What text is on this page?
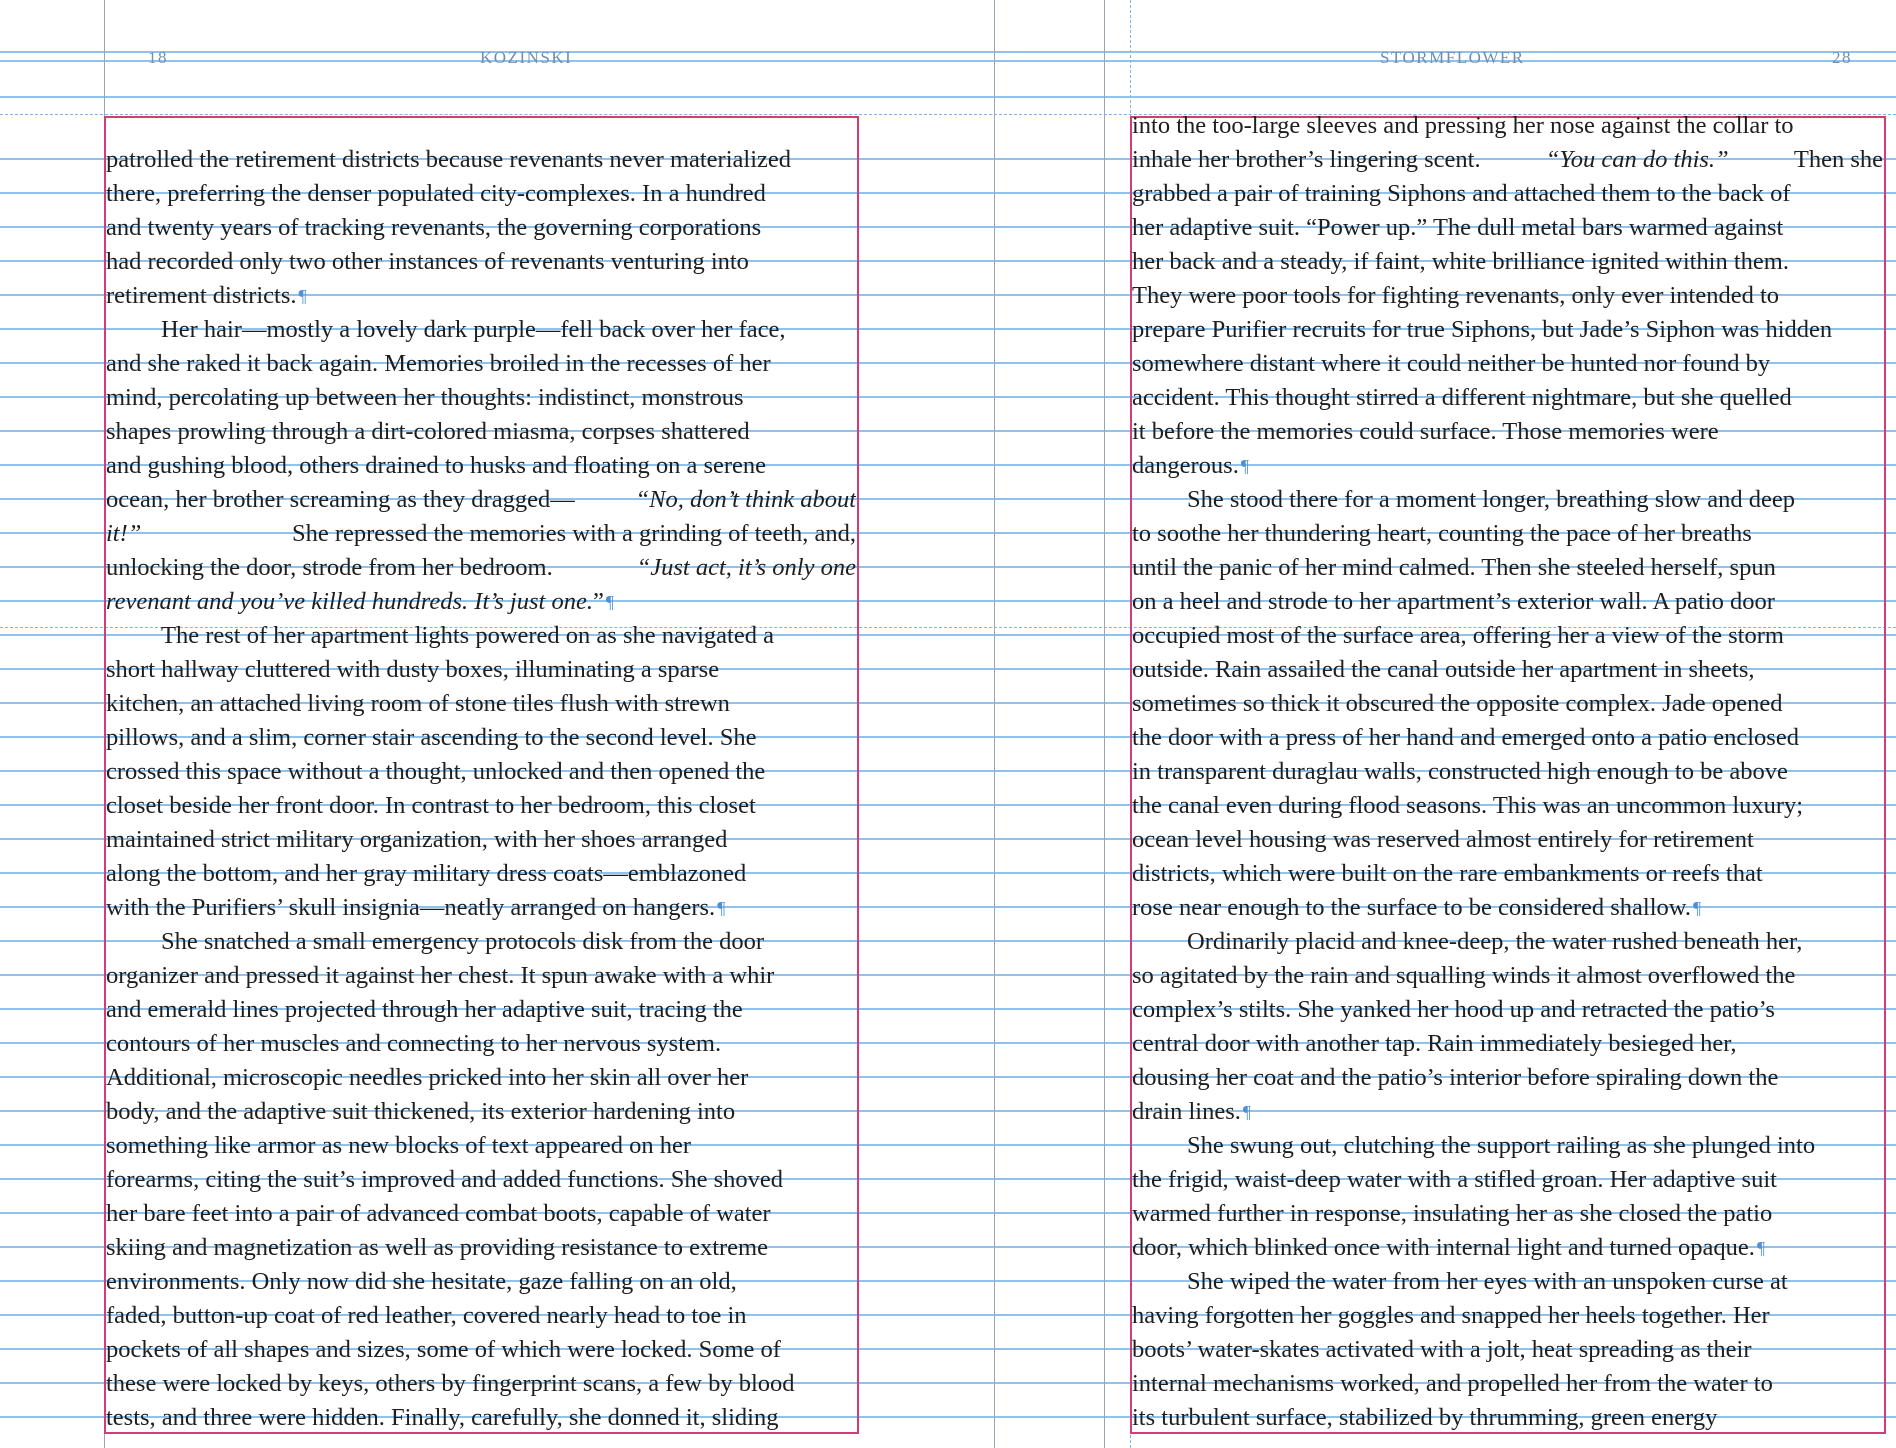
18	KOZINSKI	STORMFLOWER	28
patrolled the retirement districts because revenants never materialized
there, preferring the denser populated city-complexes. In a hundred
and twenty years of tracking revenants, the governing corporations
had recorded only two other instances of revenants venturing into
retirement districts. ¶
Her hair—mostly a lovely dark purple—fell back over her face,
and she raked it back again. Memories broiled in the recesses of her
mind, percolating up between her thoughts: indistinct, monstrous
shapes prowling through a dirt-colored miasma, corpses shattered
and gushing blood, others drained to husks and floating on a serene
ocean, her brother screaming as they dragged— “No, don’t think about
it!”	She repressed the memories with a grinding of teeth, and,
unlocking the door, strode from her bedroom.	“Just act, it’s only one
revenant and you’ve killed hundreds. It’s just one. ” ¶
The rest of her apartment lights powered on as she navigated a
short hallway cluttered with dusty boxes, illuminating a sparse
kitchen, an attached living room of stone tiles flush with strewn
pillows, and a slim, corner stair ascending to the second level. She
crossed this space without a thought, unlocked and then opened the
closet beside her front door. In contrast to her bedroom, this closet
maintained strict military organization, with her shoes arranged
along the bottom, and her gray military dress coats—emblazoned
with the Purifiers’ skull insignia—neatly arranged on hangers. ¶
She snatched a small emergency protocols disk from the door
organizer and pressed it against her chest. It spun awake with a whir
and emerald lines projected through her adaptive suit, tracing the
contours of her muscles and connecting to her nervous system.
Additional, microscopic needles pricked into her skin all over her
body, and the adaptive suit thickened, its exterior hardening into
something like armor as new blocks of text appeared on her
forearms, citing the suit’s improved and added functions. She shoved
her bare feet into a pair of advanced combat boots, capable of water
skiing and magnetization as well as providing resistance to extreme
environments. Only now did she hesitate, gaze falling on an old,
faded, button-up coat of red leather, covered nearly head to toe in
pockets of all shapes and sizes, some of which were locked. Some of
these were locked by keys, others by fingerprint scans, a few by blood
tests, and three were hidden. Finally, carefully, she donned it, sliding
into the too-large sleeves and pressing her nose against the collar to
inhale her brother’s lingering scent.	“You can do this.”	Then she
grabbed a pair of training Siphons and attached them to the back of
her adaptive suit. “Power up.” The dull metal bars warmed against
her back and a steady, if faint, white brilliance ignited within them.
They were poor tools for fighting revenants, only ever intended to
prepare Purifier recruits for true Siphons, but Jade’s Siphon was hidden
somewhere distant where it could neither be hunted nor found by
accident. This thought stirred a different nightmare, but she quelled
it before the memories could surface. Those memories were
dangerous. ¶
She stood there for a moment longer, breathing slow and deep
to soothe her thundering heart, counting the pace of her breaths
until the panic of her mind calmed. Then she steeled herself, spun
on a heel and strode to her apartment’s exterior wall. A patio door
occupied most of the surface area, offering her a view of the storm
outside. Rain assailed the canal outside her apartment in sheets,
sometimes so thick it obscured the opposite complex. Jade opened
the door with a press of her hand and emerged onto a patio enclosed
in transparent duraglau walls, constructed high enough to be above
the canal even during flood seasons. This was an uncommon luxury;
ocean level housing was reserved almost entirely for retirement
districts, which were built on the rare embankments or reefs that
rose near enough to the surface to be considered shallow. ¶
Ordinarily placid and knee-deep, the water rushed beneath her,
so agitated by the rain and squalling winds it almost overflowed the
complex’s stilts. She yanked her hood up and retracted the patio’s
central door with another tap. Rain immediately besieged her,
dousing her coat and the patio’s interior before spiraling down the
drain lines. ¶
She swung out, clutching the support railing as she plunged into
the frigid, waist-deep water with a stifled groan. Her adaptive suit
warmed further in response, insulating her as she closed the patio
door, which blinked once with internal light and turned opaque. ¶
She wiped the water from her eyes with an unspoken curse at
having forgotten her goggles and snapped her heels together. Her
boots’ water-skates activated with a jolt, heat spreading as their
internal mechanisms worked, and propelled her from the water to
its turbulent surface, stabilized by thrumming, green energy
